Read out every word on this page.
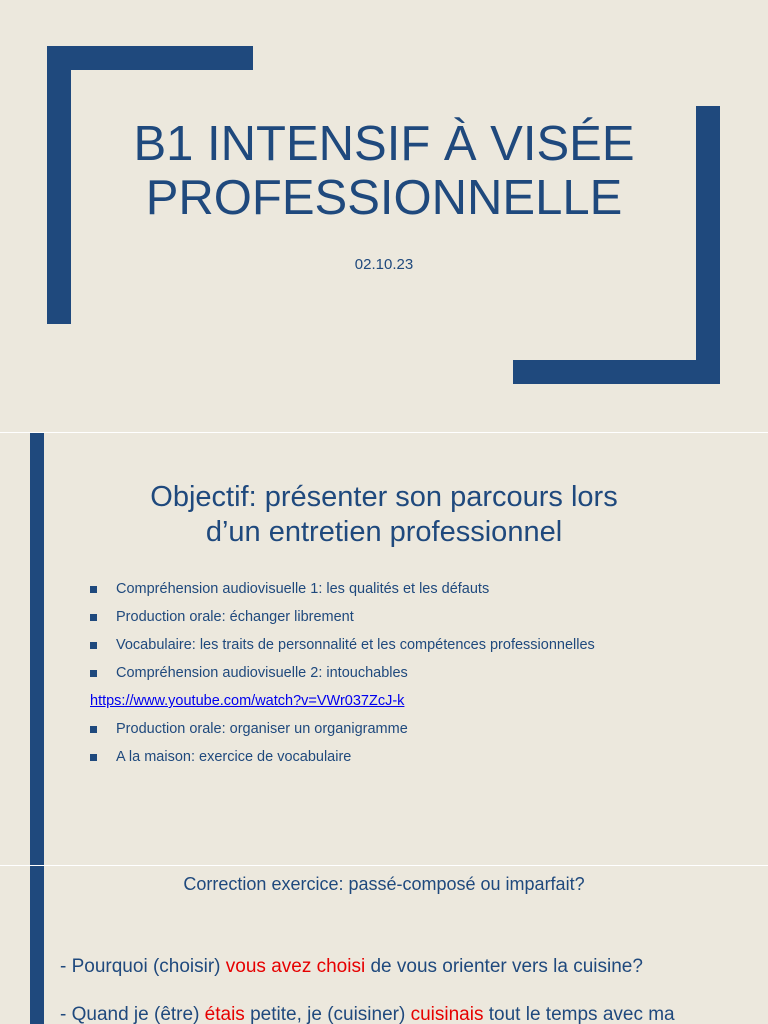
B1 INTENSIF À VISÉE
PROFESSIONNELLE
02.10.23
Objectif: présenter son parcours lors
d’un entretien professionnel
Compréhension audiovisuelle 1: les qualités et les défauts
Production orale: échanger librement
Vocabulaire: les traits de personnalité et les compétences professionnelles
Compréhension audiovisuelle 2: intouchables
https://www.youtube.com/watch?v=VWr037ZcJ-k
Production orale: organiser un organigramme
A la maison: exercice de vocabulaire
Correction exercice: passé-composé ou imparfait?
- Pourquoi (choisir) vous avez choisi de vous orienter vers la cuisine?
- Quand je (être) étais petite, je (cuisiner) cuisinais tout le temps avec ma
